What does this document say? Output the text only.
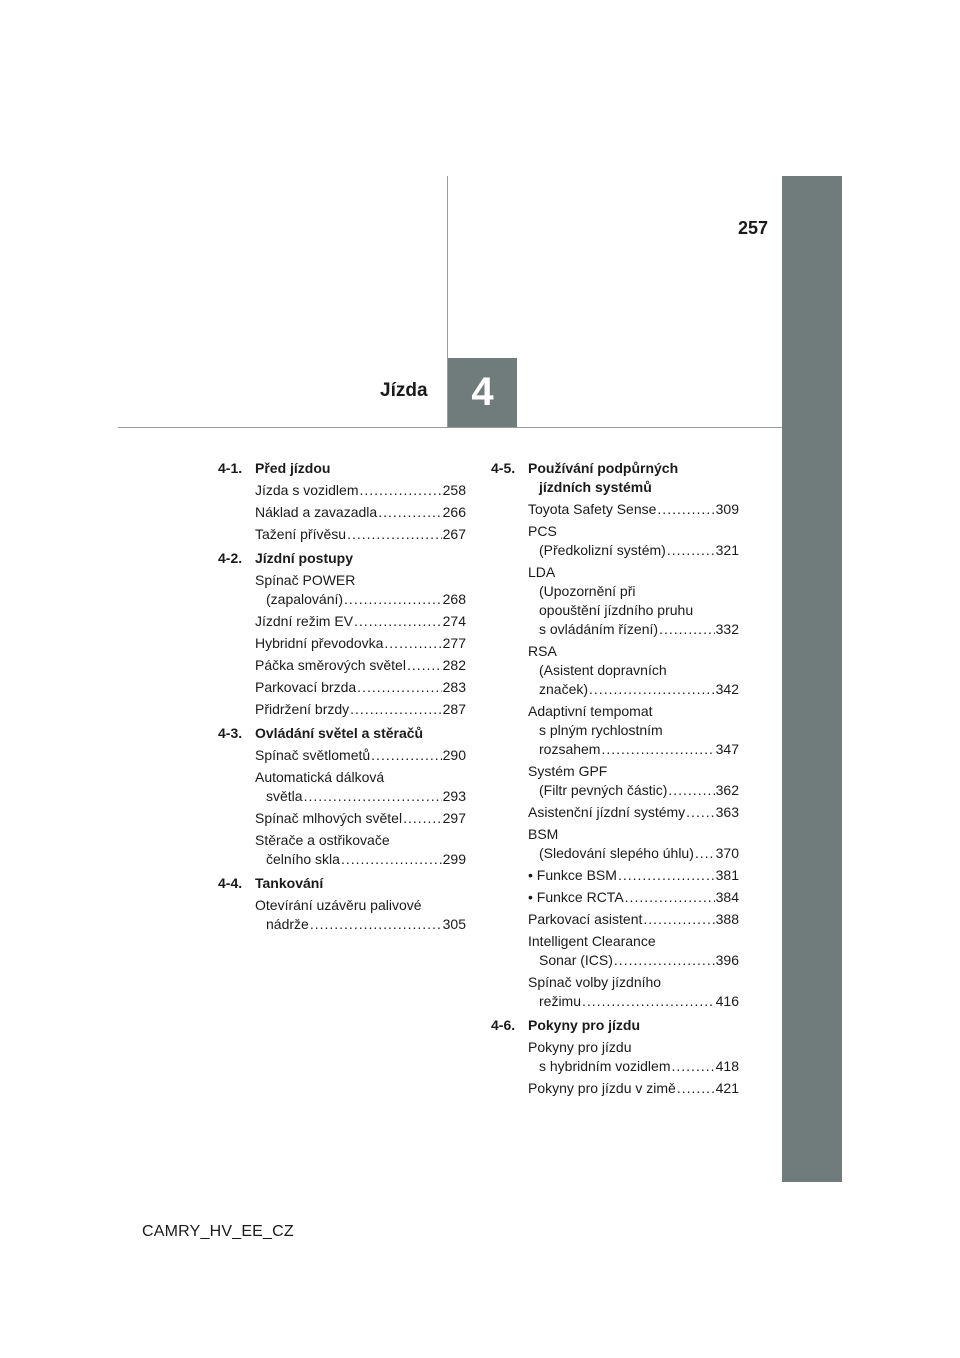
4
Jízda
257
4-1. Před jízdou
Jízda s vozidlem .....	258
Náklad a zavazadla .....	266
Tažení přívěsu .....	267
4-2. Jízdní postupy
Spínač POWER
(zapalování) .....	268
Jízdní režim EV .....	274
Hybridní převodovka .....	277
Páčka směrových světel .....	282
Parkovací brzda .....	283
Přidržení brzdy .....	287
4-3. Ovládání světel a stěračů
Spínač světlometů .....	290
Automatická dálková
světla .....	293
Spínač mlhových světel .....	297
Stěrače a ostřikovače
čelního skla .....	299
4-4. Tankování
Otevírání uzávěru palivové
nádrže .....	305
4-5. Používání podpůrných
jízdních systémů
Toyota Safety Sense .....	309
PCS
(Předkolizní systém) .....	321
LDA
(Upozornění při
opouštění jízdního pruhu
s ovládáním řízení) .....	332
RSA
(Asistent dopravních
značek) .....	342
Adaptivní tempomat
s plným rychlostním
rozsahem .....	347
Systém GPF
(Filtr pevných částic) .....	362
Asistenční jízdní systémy ..... 363
BSM
(Sledování slepého úhlu) ..... 370
• Funkce BSM .....	381
• Funkce RCTA .....	384
Parkovací asistent .....	388
Intelligent Clearance
Sonar (ICS) .....	396
Spínač volby jízdního
režimu .....	416
4-6. Pokyny pro jízdu
Pokyny pro jízdu
s hybridním vozidlem .....	418
Pokyny pro jízdu v zimě .....	421
CAMRY_HV_EE_CZ
